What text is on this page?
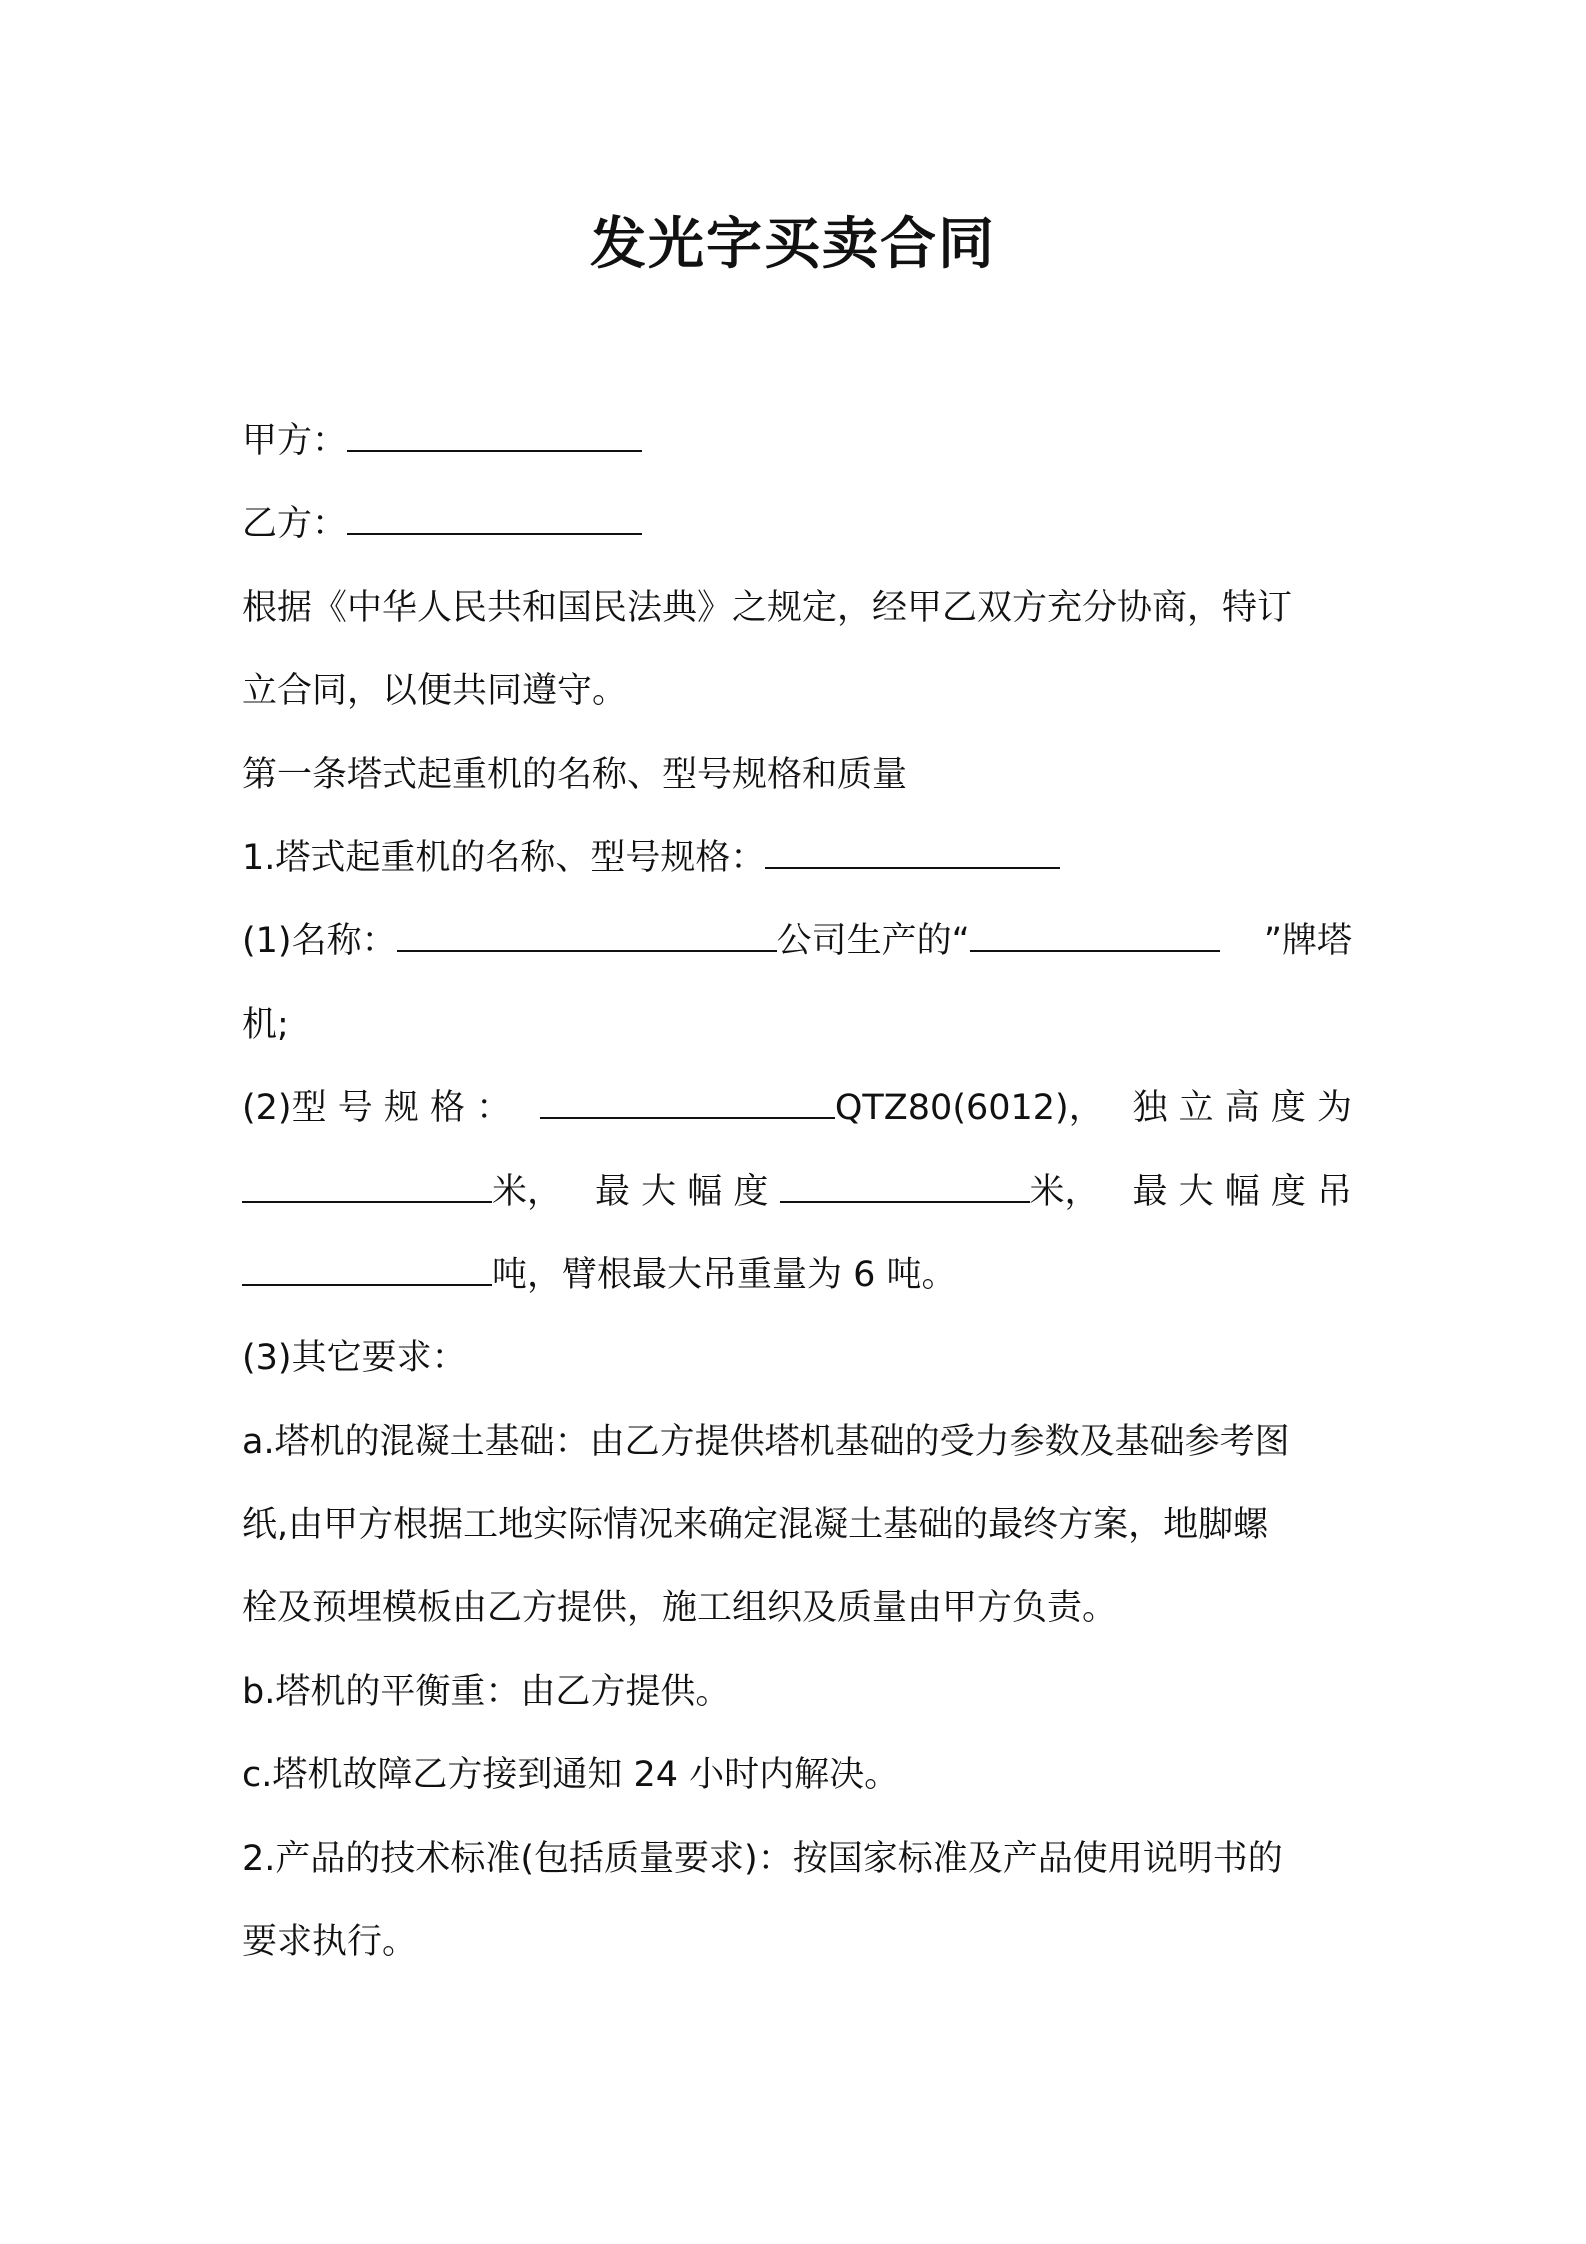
发光字买卖合同
甲方：
乙方：
根据《中华人民共和国民法典》之规定，经甲乙双方充分协商，特订
立合同，以便共同遵守。
第一条塔式起重机的名称、型号规格和质量
1.塔式起重机的名称、型号规格：
(1)名称：	公司生产的“	”牌塔
机;
(2)型 号 规 格 ：	QTZ80(6012)， 独 立 高 度 为
米， 最 大 幅 度	米， 最 大 幅 度 吊
吨，臂根最大吊重量为 6 吨。
(3)其它要求：
a.塔机的混凝土基础：由乙方提供塔机基础的受力参数及基础参考图
纸,由甲方根据工地实际情况来确定混凝土基础的最终方案，地脚螺
栓及预埋模板由乙方提供，施工组织及质量由甲方负责。
b.塔机的平衡重：由乙方提供。
c.塔机故障乙方接到通知 24 小时内解决。
2.产品的技术标准(包括质量要求)：按国家标准及产品使用说明书的
要求执行。
